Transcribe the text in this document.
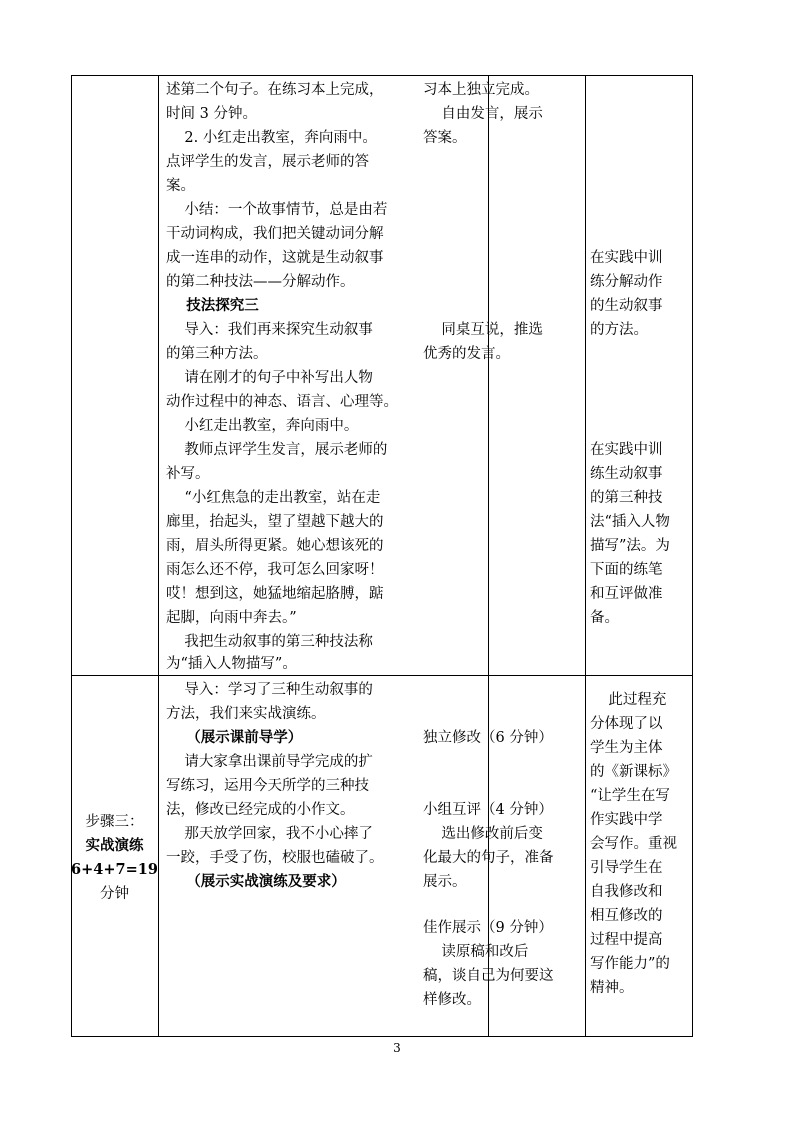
述第二个句子。在练习本上完成，
时间 3 分钟。
2. 小红走出教室，奔向雨中。
点评学生的发言，展示老师的答
案。
小结：一个故事情节，总是由若
干动词构成，我们把关键动词分解
成一连串的动作，这就是生动叙事
的第二种技法——分解动作。
技法探究三
导入：我们再来探究生动叙事
的第三种方法。
请在刚才的句子中补写出人物
动作过程中的神态、语言、心理等。
小红走出教室，奔向雨中。
教师点评学生发言，展示老师的
补写。
“小红焦急的走出教室，站在走
廊里，抬起头，望了望越下越大的
雨，眉头所得更紧。她心想该死的
雨怎么还不停，我可怎么回家呀！
哎！想到这，她猛地缩起胳膊，踮
起脚，向雨中奔去。”
我把生动叙事的第三种技法称
为“插入人物描写”。
习本上独立完成。
自由发言，展示
答案。
同桌互说，推选
优秀的发言。
在实践中训
练分解动作
的生动叙事
的方法。
在实践中训
练生动叙事
的第三种技
法“插入人物
描写”法。为
下面的练笔
和互评做准
备。
步骤三：
实战演练
6+4+7=19
分钟
导入：学习了三种生动叙事的
方法，我们来实战演练。
（展示课前导学）
请大家拿出课前导学完成的扩
写练习，运用今天所学的三种技
法，修改已经完成的小作文。
那天放学回家，我不小心摔了
一跤，手受了伤，校服也磕破了。
（展示实战演练及要求）
独立修改（6 分钟）
小组互评（4 分钟）
选出修改前后变
化最大的句子，准备
展示。
佳作展示（9 分钟）
读原稿和改后
稿，谈自己为何要这
样修改。
此过程充
分体现了以
学生为主体
的《新课标》
“让学生在写
作实践中学
会写作。重视
引导学生在
自我修改和
相互修改的
过程中提高
写作能力”的
精神。
3
